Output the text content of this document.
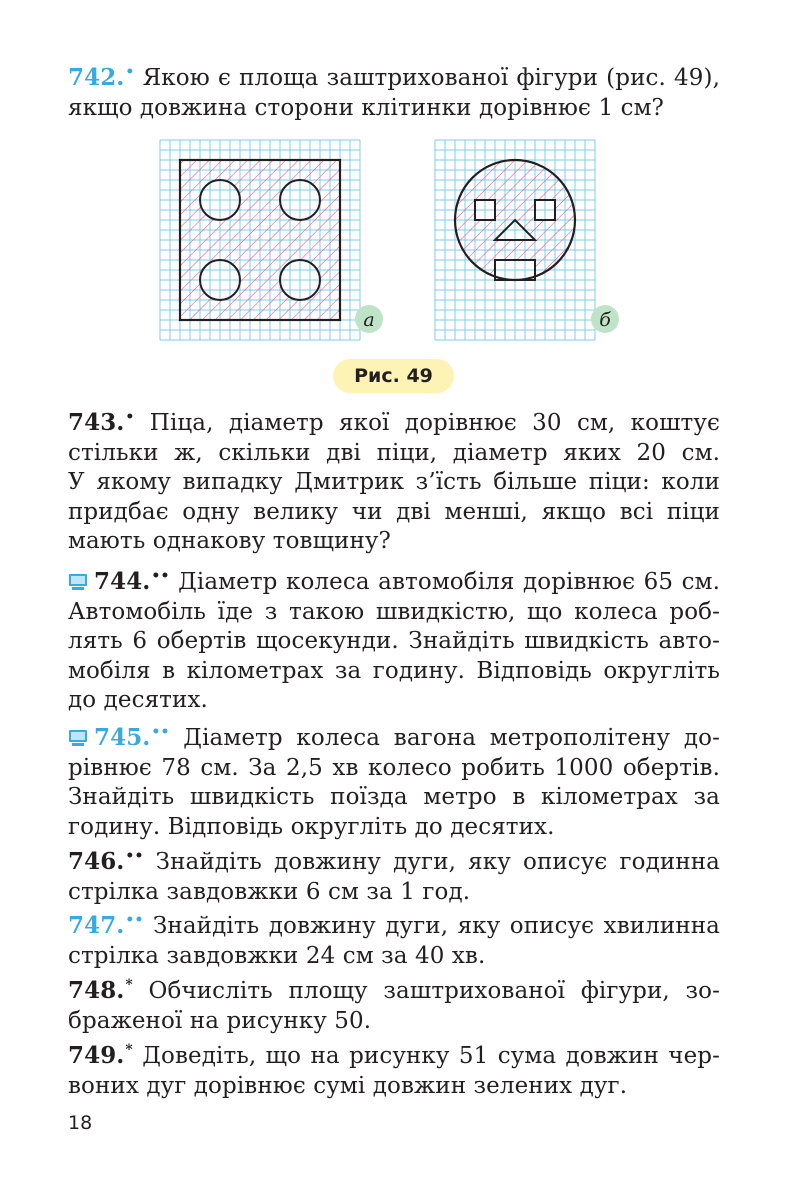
742.• Якою є площа заштрихованої фігури (рис. 49),
якщо довжина сторони клітинки дорівнює 1 см?
743.• Піца, діаметр якої дорівнює 30 см, коштує
стільки ж, скільки дві піци, діаметр яких 20 см.
У якому випадку Дмитрик з’їсть більше піци: коли
придбає одну велику чи дві менші, якщо всі піци
мають однакову товщину?
744.•• Діаметр колеса автомобіля дорівнює 65 см.
Автомобіль їде з такою швидкістю, що колеса роб-
лять 6 обертів щосекунди. Знайдіть швидкість авто-
мобіля в кілометрах за годину. Відповідь округліть
до десятих.
745.•• Діаметр колеса вагона метрополітену до-
рівнює 78 см. За 2,5 хв колесо робить 1000 обертів.
Знайдіть швидкість поїзда метро в кілометрах за
годину. Відповідь округліть до десятих.
746.•• Знайдіть довжину дуги, яку описує годинна
стрілка завдовжки 6 см за 1 год.
747.•• Знайдіть довжину дуги, яку описує хвилинна
стрілка завдовжки 24 см за 40 хв.
748.* Обчисліть площу заштрихованої фігури, зо-
браженої на рисунку 50.
749.* Доведіть, що на рисунку 51 сума довжин чер-
воних дуг дорівнює сумі довжин зелених дуг.
а	б
Рис. 49
18
